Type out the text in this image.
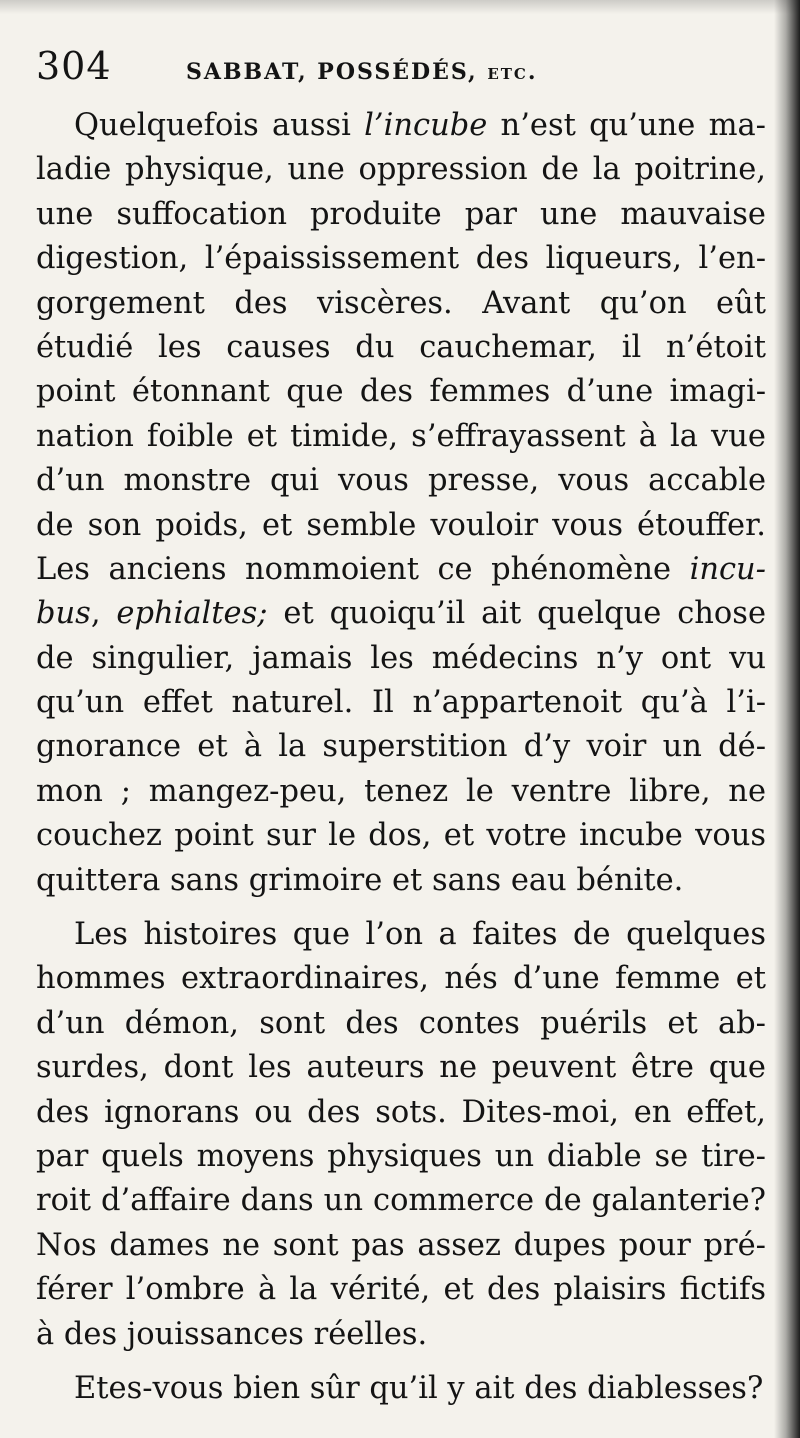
304	SABBAT, POSSÉDÉS, etc.
Quelquefois aussi l’incube n’est qu’une ma-
ladie physique, une oppression de la poitrine,
une suffocation produite par une mauvaise
digestion, l’épaississement des liqueurs, l’en-
gorgement des viscères. Avant qu’on eût
étudié les causes du cauchemar, il n’étoit
point étonnant que des femmes d’une imagi-
nation foible et timide, s’effrayassent à la vue
d’un monstre qui vous presse, vous accable
de son poids, et semble vouloir vous étouffer.
Les anciens nommoient ce phénomène incu-
bus, ephialtes; et quoiqu’il ait quelque chose
de singulier, jamais les médecins n’y ont vu
qu’un effet naturel. Il n’appartenoit qu’à l’i-
gnorance et à la superstition d’y voir un dé-
mon ; mangez-peu, tenez le ventre libre, ne
couchez point sur le dos, et votre incube vous
quittera sans grimoire et sans eau bénite.
Les histoires que l’on a faites de quelques
hommes extraordinaires, nés d’une femme et
d’un démon, sont des contes puérils et ab-
surdes, dont les auteurs ne peuvent être que
des ignorans ou des sots. Dites-moi, en effet,
par quels moyens physiques un diable se tire-
roit d’affaire dans un commerce de galanterie?
Nos dames ne sont pas assez dupes pour pré-
férer l’ombre à la vérité, et des plaisirs fictifs
à des jouissances réelles.
Etes-vous bien sûr qu’il y ait des diablesses?
